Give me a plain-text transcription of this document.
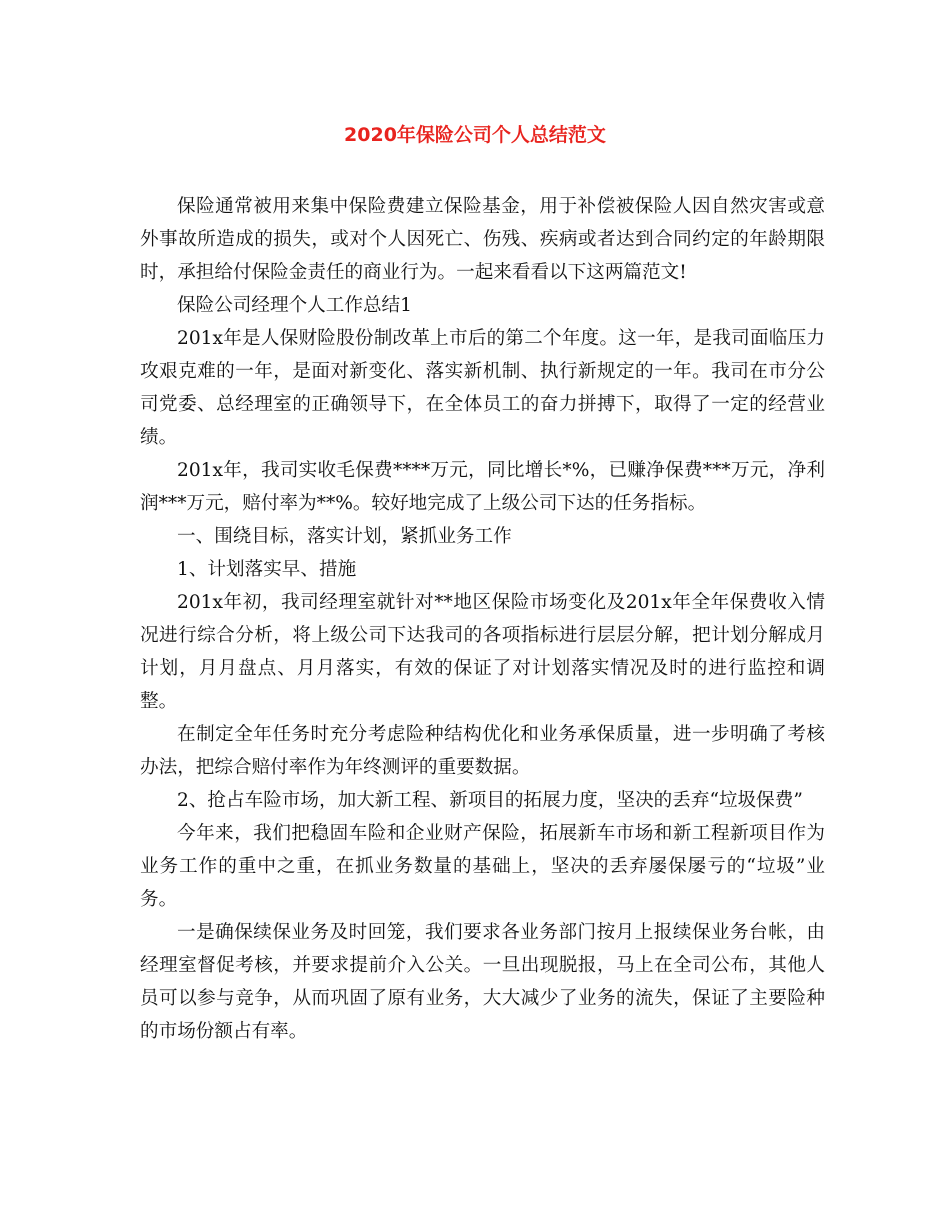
2020年保险公司个人总结范文

保险通常被用来集中保险费建立保险基金，用于补偿被保险人因自然灾害或意外事故所造成的损失，或对个人因死亡、伤残、疾病或者达到合同约定的年龄期限时，承担给付保险金责任的商业行为。一起来看看以下这两篇范文!

保险公司经理个人工作总结1

201x年是人保财险股份制改革上市后的第二个年度。这一年，是我司面临压力攻艰克难的一年，是面对新变化、落实新机制、执行新规定的一年。我司在市分公司党委、总经理室的正确领导下，在全体员工的奋力拼搏下，取得了一定的经营业绩。

201x年，我司实收毛保费****万元，同比增长*%，已赚净保费***万元，净利润***万元，赔付率为**%。较好地完成了上级公司下达的任务指标。

一、围绕目标，落实计划，紧抓业务工作

1、计划落实早、措施

201x年初，我司经理室就针对**地区保险市场变化及201x年全年保费收入情况进行综合分析，将上级公司下达我司的各项指标进行层层分解，把计划分解成月计划，月月盘点、月月落实，有效的保证了对计划落实情况及时的进行监控和调整。

在制定全年任务时充分考虑险种结构优化和业务承保质量，进一步明确了考核办法，把综合赔付率作为年终测评的重要数据。

2、抢占车险市场，加大新工程、新项目的拓展力度，坚决的丢弃“垃圾保费”

今年来，我们把稳固车险和企业财产保险，拓展新车市场和新工程新项目作为业务工作的重中之重，在抓业务数量的基础上，坚决的丢弃屡保屡亏的“垃圾”业务。

一是确保续保业务及时回笼，我们要求各业务部门按月上报续保业务台帐，由经理室督促考核，并要求提前介入公关。一旦出现脱报，马上在全司公布，其他人员可以参与竞争，从而巩固了原有业务，大大减少了业务的流失，保证了主要险种的市场份额占有率。
